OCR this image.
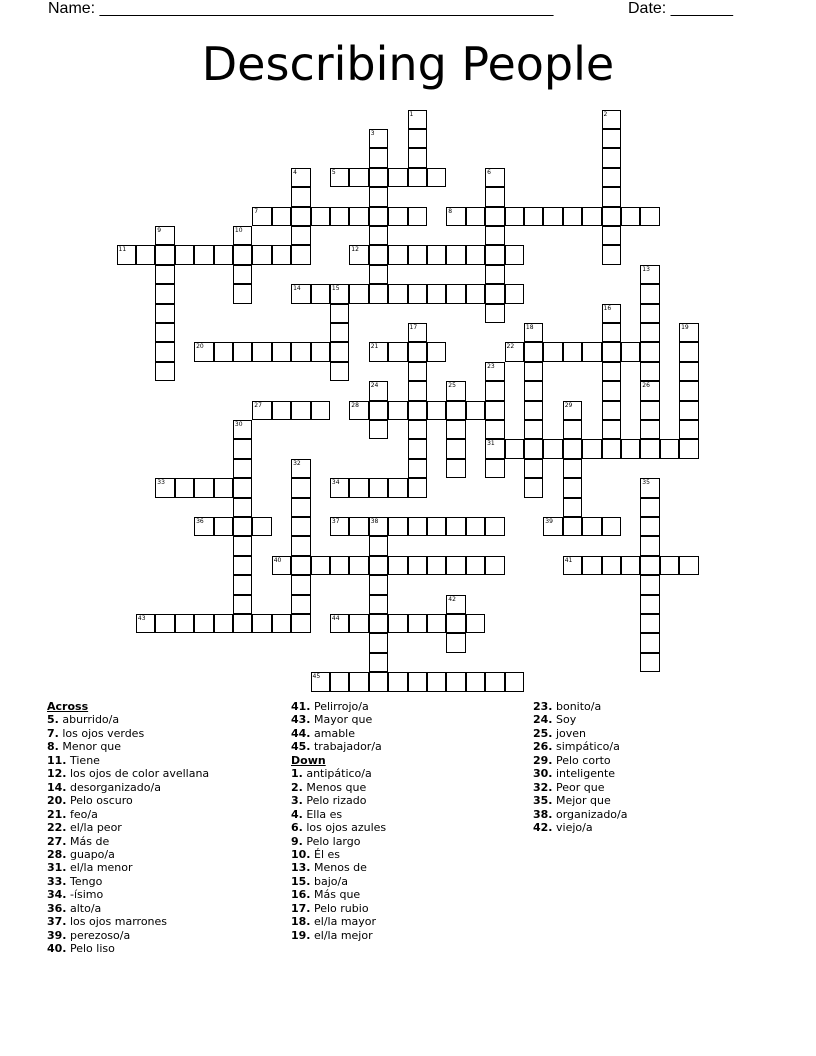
Name: ___________________________________________________	Date: _______
Describing People
1	2
3
4	5	6
7	8
9	10
11	12
13
14	15
16
17	18	19
20	21	22
23
31
24	25	26
27	28	29
30
32
33	34	35
36	37	38	39
40	41
42
43	44
45
Across
5. aburrido/a
7. los ojos verdes
8. Menor que
11. Tiene
12. los ojos de color avellana
14. desorganizado/a
20. Pelo oscuro
21. feo/a
22. el/la peor
27. Más de
28. guapo/a
31. el/la menor
33. Tengo
34. -ísimo
36. alto/a
37. los ojos marrones
39. perezoso/a
40. Pelo liso
41. Pelirrojo/a
43. Mayor que
44. amable
45. trabajador/a
Down
1. antipático/a
2. Menos que
3. Pelo rizado
4. Ella es
6. los ojos azules
9. Pelo largo
10. Él es
13. Menos de
15. bajo/a
16. Más que
17. Pelo rubio
18. el/la mayor
19. el/la mejor
23. bonito/a
24. Soy
25. joven
26. simpático/a
29. Pelo corto
30. inteligente
32. Peor que
35. Mejor que
38. organizado/a
42. viejo/a
